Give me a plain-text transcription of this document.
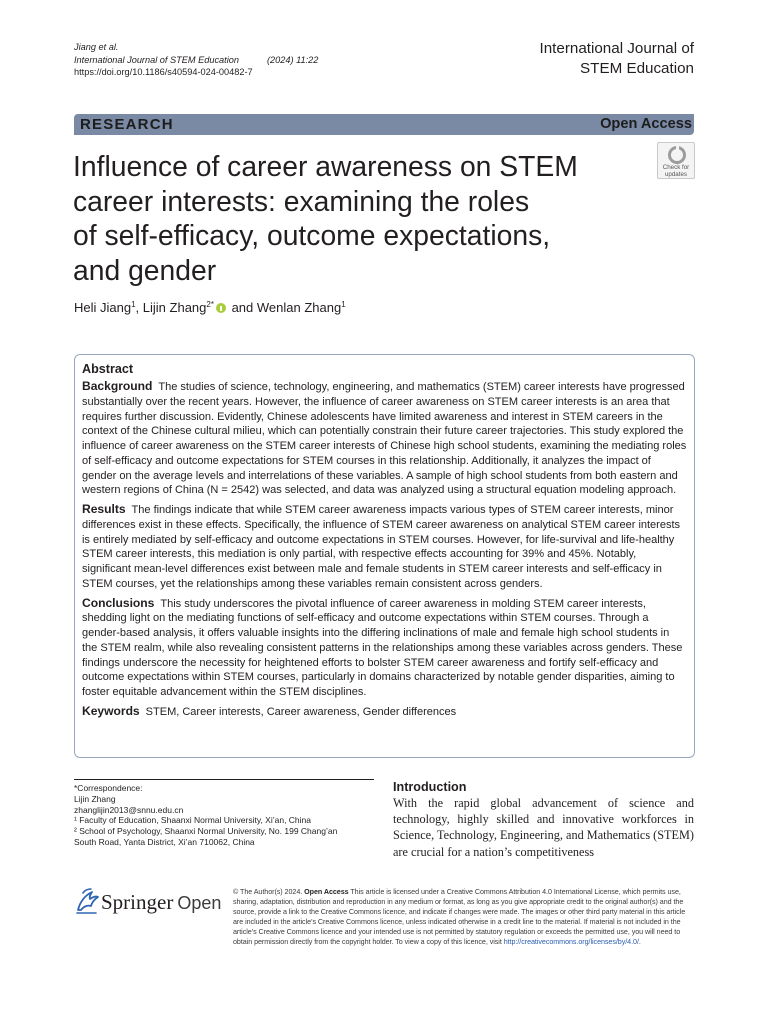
Jiang et al.
International Journal of STEM Education	(2024) 11:22
https://doi.org/10.1186/s40594-024-00482-7
International Journal of
STEM Education
RESEARCH	Open Access
Check for
updates
Influence of career awareness on STEM
career interests: examining the roles
of self-efficacy, outcome expectations,
and gender
Heli Jiang$^1$, Lijin Zhang$^{2*}$ and Wenlan Zhang$^1$
Abstract

Background The studies of science, technology, engineering, and mathematics (STEM) career interests have progressed substantially over the recent years. However, the influence of career awareness on STEM career interests is an area that requires further discussion. Evidently, Chinese adolescents have limited awareness and interest in STEM careers in the context of the Chinese cultural milieu, which can potentially constrain their future career trajectories. This study explored the influence of career awareness on the STEM career interests of Chinese high school students, examining the mediating roles of self-efficacy and outcome expectations for STEM courses in this relationship. Additionally, it analyzes the impact of gender on the average levels and interrelations of these variables. A sample of high school students from both eastern and western regions of China (N = 2542) was selected, and data was analyzed using a structural equation modeling approach.

Results The findings indicate that while STEM career awareness impacts various types of STEM career interests, minor differences exist in these effects. Specifically, the influence of STEM career awareness on analytical STEM career interests is entirely mediated by self-efficacy and outcome expectations in STEM courses. However, for life-survival and life-healthy STEM career interests, this mediation is only partial, with respective effects accounting for 39% and 45%. Notably, significant mean-level differences exist between male and female students in STEM career interests and self-efficacy in STEM courses, yet the relationships among these variables remain consistent across genders.

Conclusions This study underscores the pivotal influence of career awareness in molding STEM career interests, shedding light on the mediating functions of self-efficacy and outcome expectations within STEM courses. Through a gender-based analysis, it offers valuable insights into the differing inclinations of male and female high school students in the STEM realm, while also revealing consistent patterns in the relationships among these variables across genders. These findings underscore the necessity for heightened efforts to bolster STEM career awareness and fortify self-efficacy and outcome expectations within STEM courses, particularly in domains characterized by notable gender disparities, aiming to foster equitable advancement within the STEM disciplines.

Keywords STEM, Career interests, Career awareness, Gender differences

*Correspondence:
Lijin Zhang
zhanglijin2013@snnu.edu.cn
¹ Faculty of Education, Shaanxi Normal University, Xi’an, China
² School of Psychology, Shaanxi Normal University, No. 199 Chang’an
South Road, Yanta District, Xi’an 710062, China
Introduction
With the rapid global advancement of science and technology, highly skilled and innovative workforces in Science, Technology, Engineering, and Mathematics (STEM) are crucial for a nation’s competitiveness
Springer Open
© The Author(s) 2024. Open Access This article is licensed under a Creative Commons Attribution 4.0 International License, which permits use, sharing, adaptation, distribution and reproduction in any medium or format, as long as you give appropriate credit to the original author(s) and the source, provide a link to the Creative Commons licence, and indicate if changes were made. The images or other third party material in this article are included in the article’s Creative Commons licence, unless indicated otherwise in a credit line to the material. If material is not included in the article’s Creative Commons licence and your intended use is not permitted by statutory regulation or exceeds the permitted use, you will need to obtain permission directly from the copyright holder. To view a copy of this licence, visit http://creativecommons.org/licenses/by/4.0/.
